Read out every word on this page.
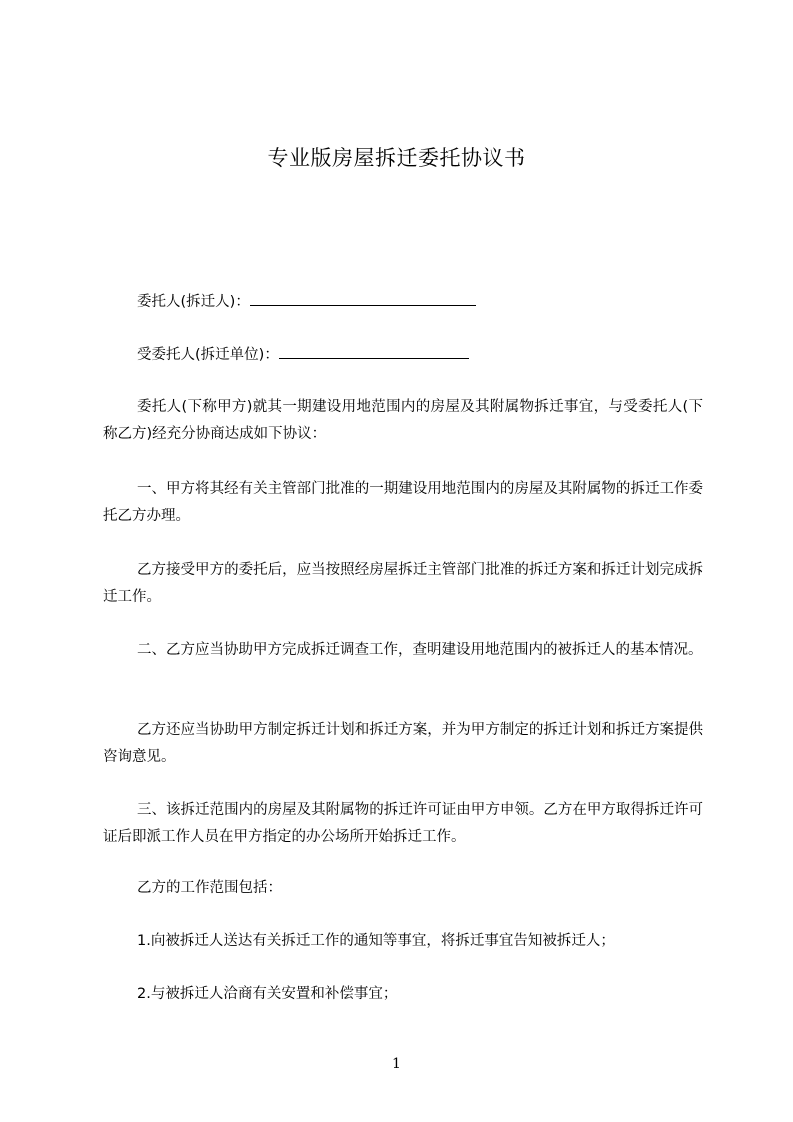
专业版房屋拆迁委托协议书
委托人(拆迁人)：
受委托人(拆迁单位)：

委托人(下称甲方)就其一期建设用地范围内的房屋及其附属物拆迁事宜，与受委托人(下称乙方)经充分协商达成如下协议：

一、甲方将其经有关主管部门批准的一期建设用地范围内的房屋及其附属物的拆迁工作委托乙方办理。

乙方接受甲方的委托后，应当按照经房屋拆迁主管部门批准的拆迁方案和拆迁计划完成拆迁工作。

二、乙方应当协助甲方完成拆迁调查工作，查明建设用地范围内的被拆迁人的基本情况。

乙方还应当协助甲方制定拆迁计划和拆迁方案，并为甲方制定的拆迁计划和拆迁方案提供咨询意见。

三、该拆迁范围内的房屋及其附属物的拆迁许可证由甲方申领。乙方在甲方取得拆迁许可证后即派工作人员在甲方指定的办公场所开始拆迁工作。

乙方的工作范围包括：
1.向被拆迁人送达有关拆迁工作的通知等事宜，将拆迁事宜告知被拆迁人；
2.与被拆迁人洽商有关安置和补偿事宜；
1
